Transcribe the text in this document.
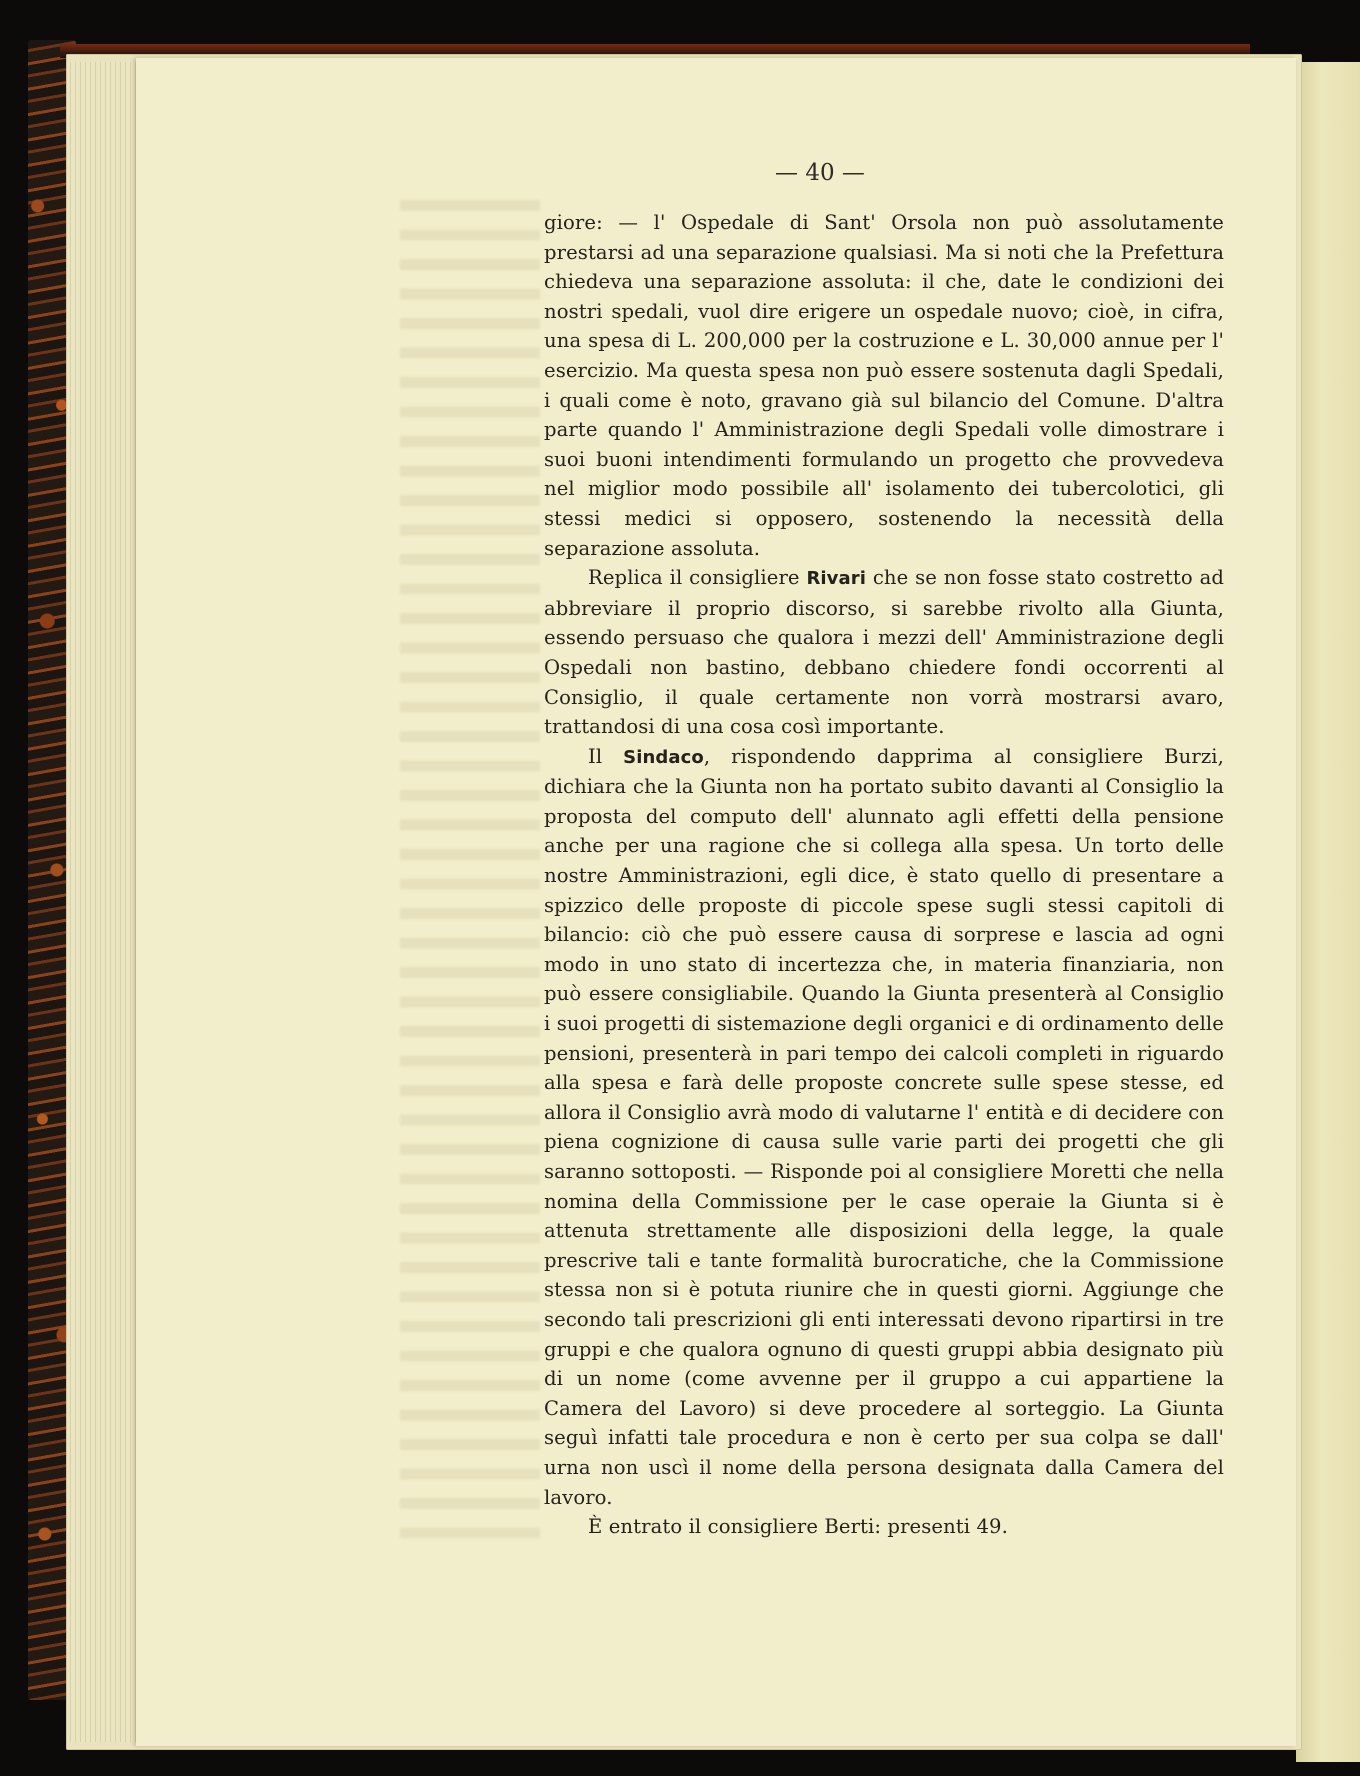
— 40 —

giore: — l' Ospedale di Sant' Orsola non può assolutamente prestarsi ad una separazione qualsiasi. Ma si noti che la Prefettura chiedeva una separazione assoluta: il che, date le condizioni dei nostri spedali, vuol dire erigere un ospedale nuovo; cioè, in cifra, una spesa di L. 200,000 per la costruzione e L. 30,000 annue per l' esercizio. Ma questa spesa non può essere sostenuta dagli Spedali, i quali come è noto, gravano già sul bilancio del Comune. D'altra parte quando l' Amministrazione degli Spedali volle dimostrare i suoi buoni intendimenti formulando un progetto che provvedeva nel miglior modo possibile all' isolamento dei tubercolotici, gli stessi medici si opposero, sostenendo la necessità della separazione assoluta.

Replica il consigliere Rivari che se non fosse stato costretto ad abbreviare il proprio discorso, si sarebbe rivolto alla Giunta, essendo persuaso che qualora i mezzi dell' Amministrazione degli Ospedali non bastino, debbano chiedere fondi occorrenti al Consiglio, il quale certamente non vorrà mostrarsi avaro, trattandosi di una cosa così importante.

Il Sindaco, rispondendo dapprima al consigliere Burzi, dichiara che la Giunta non ha portato subito davanti al Consiglio la proposta del computo dell' alunnato agli effetti della pensione anche per una ragione che si collega alla spesa. Un torto delle nostre Amministrazioni, egli dice, è stato quello di presentare a spizzico delle proposte di piccole spese sugli stessi capitoli di bilancio: ciò che può essere causa di sorprese e lascia ad ogni modo in uno stato di incertezza che, in materia finanziaria, non può essere consigliabile. Quando la Giunta presenterà al Consiglio i suoi progetti di sistemazione degli organici e di ordinamento delle pensioni, presenterà in pari tempo dei calcoli completi in riguardo alla spesa e farà delle proposte concrete sulle spese stesse, ed allora il Consiglio avrà modo di valutarne l' entità e di decidere con piena cognizione di causa sulle varie parti dei progetti che gli saranno sottoposti. — Risponde poi al consigliere Moretti che nella nomina della Commissione per le case operaie la Giunta si è attenuta strettamente alle disposizioni della legge, la quale prescrive tali e tante formalità burocratiche, che la Commissione stessa non si è potuta riunire che in questi giorni. Aggiunge che secondo tali prescrizioni gli enti interessati devono ripartirsi in tre gruppi e che qualora ognuno di questi gruppi abbia designato più di un nome (come avvenne per il gruppo a cui appartiene la Camera del Lavoro) si deve procedere al sorteggio. La Giunta seguì infatti tale procedura e non è certo per sua colpa se dall' urna non uscì il nome della persona designata dalla Camera del lavoro.

È entrato il consigliere Berti: presenti 49.
